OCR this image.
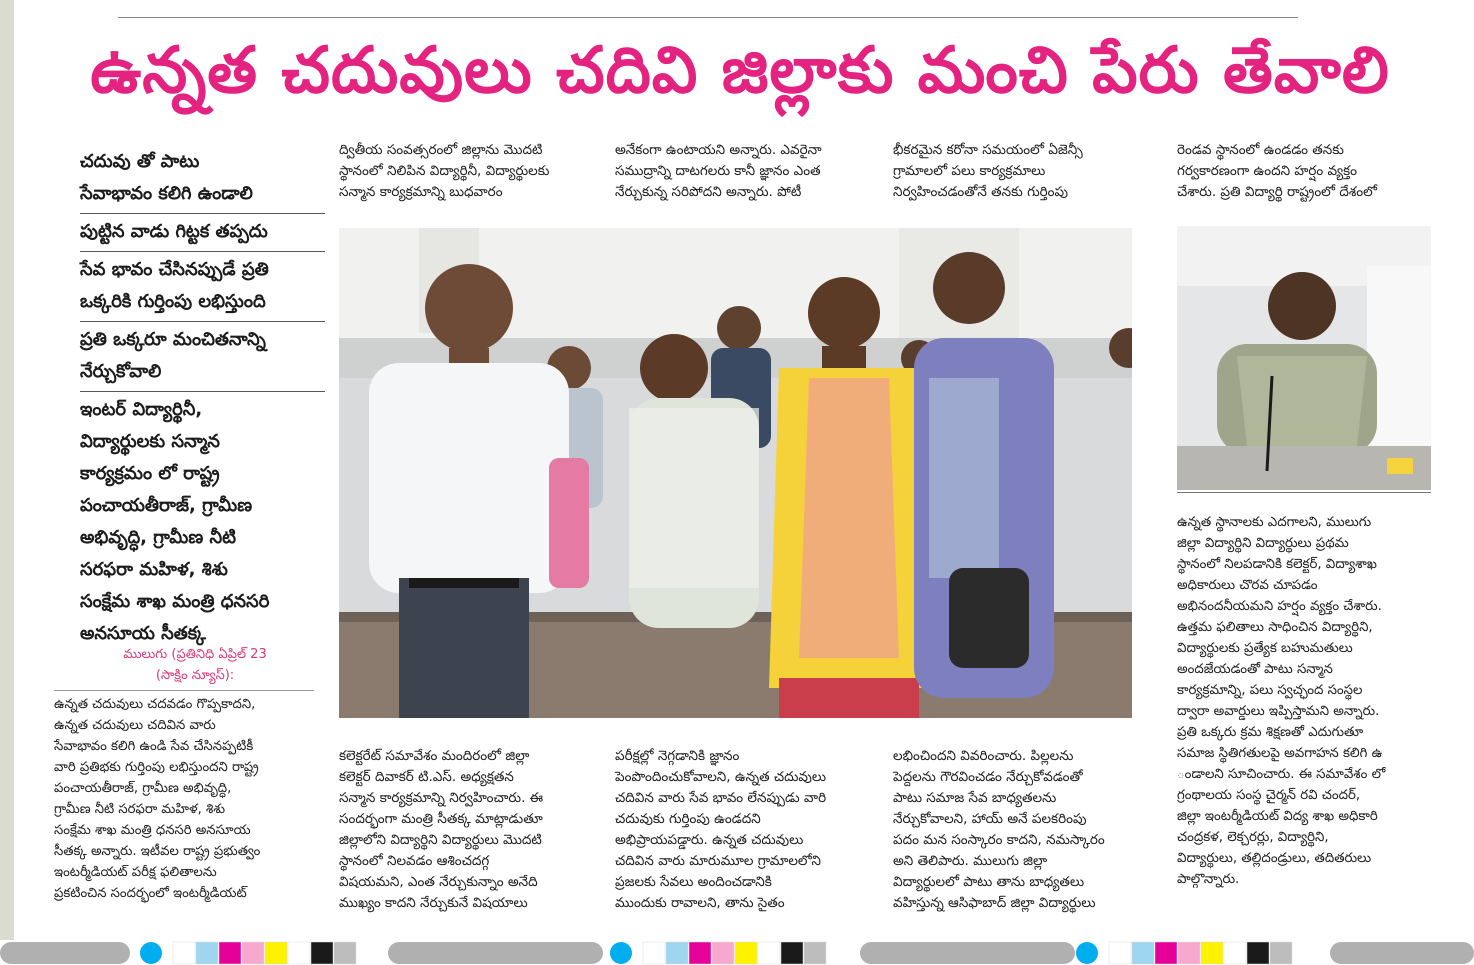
ఉన్నత చదువులు చదివి జిల్లాకు మంచి పేరు తేవాలి
చదువు తో పాటు
సేవాభావం కలిగి ఉండాలి
పుట్టిన వాడు గిట్టక తప్పదు
సేవ భావం చేసినప్పుడే ప్రతి
ఒక్కరికి గుర్తింపు లభిస్తుంది
ప్రతి ఒక్కరూ మంచితనాన్ని
నేర్చుకోవాలి
ఇంటర్ విద్యార్థినీ,
విద్యార్థులకు సన్మాన
కార్యక్రమం లో రాష్ట్ర
పంచాయతీరాజ్, గ్రామీణ
అభివృద్ధి, గ్రామీణ నీటి
సరఫరా మహిళ, శిశు
సంక్షేమ శాఖ మంత్రి ధనసరి
అనసూయ సీతక్క
ములుగు (ప్రతినిధి ఏప్రిల్ 23
(సాక్షిం న్యూస్):
ఉన్నత చదువులు చదవడం గొప్పకాదని,
ఉన్నత చదువులు చదివిన వారు
సేవాభావం కలిగి ఉండి సేవ చేసినప్పటికీ
వారి ప్రతిభకు గుర్తింపు లభిస్తుందని రాష్ట్ర
పంచాయతీరాజ్, గ్రామీణ అభివృద్ధి,
గ్రామీణ నీటి సరఫరా మహిళ, శిశు
సంక్షేమ శాఖ మంత్రి ధనసరి అనసూయ
సీతక్క అన్నారు. ఇటీవల రాష్ట్ర ప్రభుత్వం
ఇంటర్మీడియట్ పరీక్ష ఫలితాలను
ప్రకటించిన సందర్భంలో ఇంటర్మీడియట్
ద్వితీయ సంవత్సరంలో జిల్లాను మొదటి
స్థానంలో నిలిపిన విద్యార్థినీ, విద్యార్థులకు
సన్మాన కార్యక్రమాన్ని బుధవారం
అనేకంగా ఉంటాయని అన్నారు. ఎవరైనా
సముద్రాన్ని దాటగలరు కానీ జ్ఞానం ఎంత
నేర్చుకున్న సరిపోదని అన్నారు. పోటీ
భీకరమైన కరోనా సమయంలో ఏజెన్సీ
గ్రామాలలో పలు కార్యక్రమాలు
నిర్వహించడంతోనే తనకు గుర్తింపు
రెండవ స్థానంలో ఉండడం తనకు
గర్వకారణంగా ఉందని హర్షం వ్యక్తం
చేశారు. ప్రతి విద్యార్థి రాష్ట్రంలో దేశంలో
ఉన్నత స్థానాలకు ఎదగాలని, ములుగు
జిల్లా విద్యార్థిని విద్యార్థులు ప్రథమ
స్థానంలో నిలపడానికి కలెక్టర్, విద్యాశాఖ
అధికారులు చొరవ చూపడం
అభినందనీయమని హర్షం వ్యక్తం చేశారు.
ఉత్తమ ఫలితాలు సాధించిన విద్యార్థిని,
విద్యార్థులకు ప్రత్యేక బహుమతులు
అందజేయడంతో పాటు సన్మాన
కార్యక్రమాన్ని, పలు స్వచ్ఛంద సంస్థల
ద్వారా అవార్డులు ఇప్పిస్తామని అన్నారు.
ప్రతి ఒక్కరు క్రమ శిక్షణతో ఎదుగుతూ
సమాజ స్థితిగతులపై అవగాహన కలిగి ఉ
ండాలని సూచించారు. ఈ సమావేశం లో
గ్రంథాలయ సంస్థ చైర్మన్ రవి చందర్,
జిల్లా ఇంటర్మీడియట్ విద్య శాఖ అధికారి
చంద్రకళ, లెక్చరర్లు, విద్యార్థిని,
విద్యార్థులు, తల్లిదండ్రులు, తదితరులు
పాల్గొన్నారు.
కలెక్టరేట్ సమావేశం మందిరంలో జిల్లా
కలెక్టర్ దివాకర్ టి.ఎస్. అధ్యక్షతన
సన్మాన కార్యక్రమాన్ని నిర్వహించారు. ఈ
సందర్భంగా మంత్రి సీతక్క మాట్లాడుతూ
జిల్లాలోని విద్యార్థిని విద్యార్థులు మొదటి
స్థానంలో నిలవడం ఆశించదగ్గ
విషయమని, ఎంత నేర్చుకున్నాం అనేది
ముఖ్యం కాదని నేర్చుకునే విషయాలు
పరీక్షల్లో నెగ్గడానికి జ్ఞానం
పెంపొందించుకోవాలని, ఉన్నత చదువులు
చదివిన వారు సేవ భావం లేనప్పుడు వారి
చదువుకు గుర్తింపు ఉండదని
అభిప్రాయపడ్డారు. ఉన్నత చదువులు
చదివిన వారు మారుమూల గ్రామాలలోని
ప్రజలకు సేవలు అందించడానికి
ముందుకు రావాలని, తాను సైతం
లభించిందని వివరించారు. పిల్లలను
పెద్దలను గౌరవించడం నేర్చుకోవడంతో
పాటు సమాజ సేవ బాధ్యతలను
నేర్చుకోవాలని, హాయ్ అనే పలకరింపు
పదం మన సంస్కారం కాదని, నమస్కారం
అని తెలిపారు. ములుగు జిల్లా
విద్యార్థులలో పాటు తాను బాధ్యతలు
వహిస్తున్న ఆసిఫాబాద్ జిల్లా విద్యార్థులు
